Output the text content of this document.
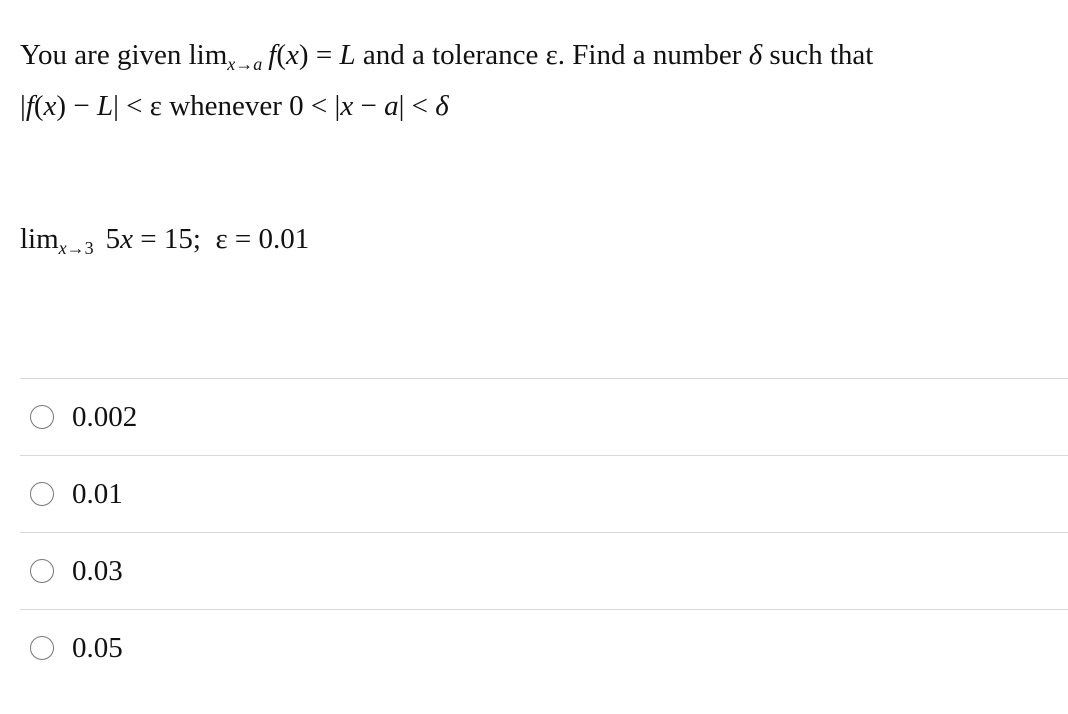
You are given $\lim_{x\to a} f(x) = L$ and a tolerance ε. Find a number δ such that
|f(x) − L| < ε whenever 0 < |x − a| < δ
$\lim_{x\to 3} 5x = 15$;  ε = 0.01
0.002
0.01
0.03
0.05
